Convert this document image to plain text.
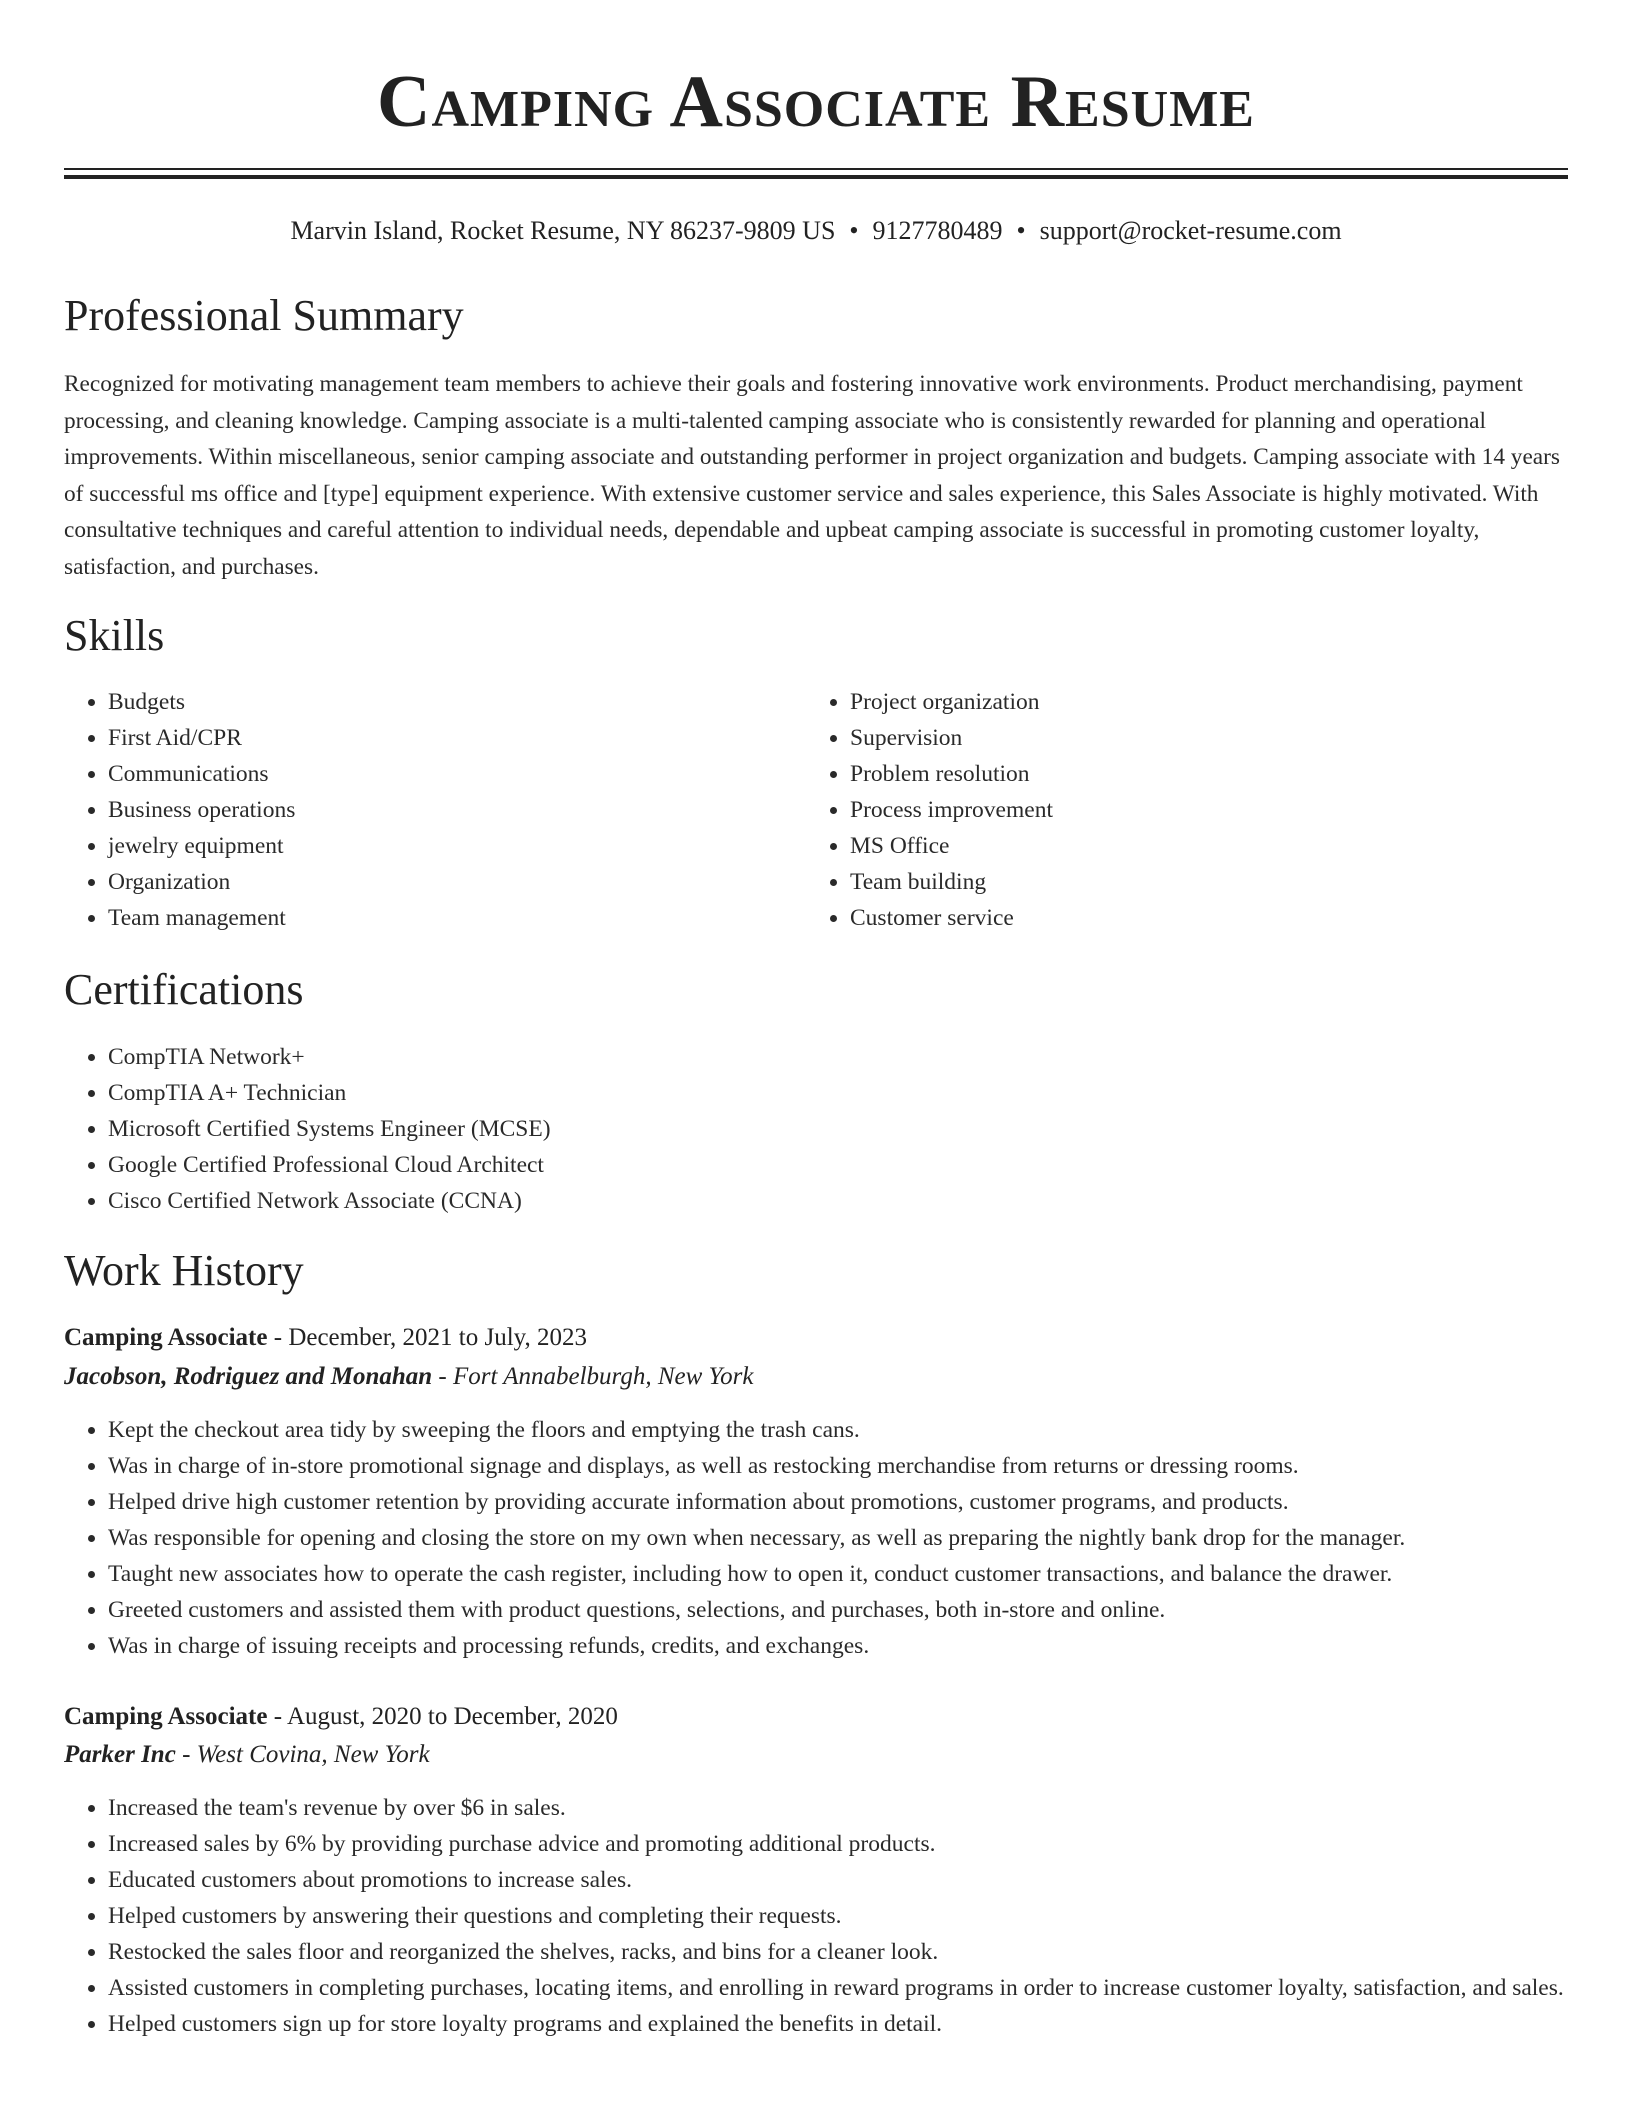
Camping Associate Resume
Marvin Island, Rocket Resume, NY 86237-9809 US • 9127780489 • support@rocket-resume.com
Professional Summary

Recognized for motivating management team members to achieve their goals and fostering innovative work environments. Product merchandising, payment processing, and cleaning knowledge. Camping associate is a multi-talented camping associate who is consistently rewarded for planning and operational improvements. Within miscellaneous, senior camping associate and outstanding performer in project organization and budgets. Camping associate with 14 years of successful ms office and [type] equipment experience. With extensive customer service and sales experience, this Sales Associate is highly motivated. With consultative techniques and careful attention to individual needs, dependable and upbeat camping associate is successful in promoting customer loyalty, satisfaction, and purchases.

Skills
• Budgets
• First Aid/CPR
• Communications
• Business operations
• jewelry equipment
• Organization
• Team management
• Project organization
• Supervision
• Problem resolution
• Process improvement
• MS Office
• Team building
• Customer service
Certifications
• CompTIA Network+
• CompTIA A+ Technician
• Microsoft Certified Systems Engineer (MCSE)
• Google Certified Professional Cloud Architect
• Cisco Certified Network Associate (CCNA)
Work History
Camping Associate - December, 2021 to July, 2023
Jacobson, Rodriguez and Monahan - Fort Annabelburgh, New York
• Kept the checkout area tidy by sweeping the floors and emptying the trash cans.
• Was in charge of in-store promotional signage and displays, as well as restocking merchandise from returns or dressing rooms.
• Helped drive high customer retention by providing accurate information about promotions, customer programs, and products.
• Was responsible for opening and closing the store on my own when necessary, as well as preparing the nightly bank drop for the manager.
• Taught new associates how to operate the cash register, including how to open it, conduct customer transactions, and balance the drawer.
• Greeted customers and assisted them with product questions, selections, and purchases, both in-store and online.
• Was in charge of issuing receipts and processing refunds, credits, and exchanges.
Camping Associate - August, 2020 to December, 2020
Parker Inc - West Covina, New York
• Increased the team's revenue by over $6 in sales.
• Increased sales by 6% by providing purchase advice and promoting additional products.
• Educated customers about promotions to increase sales.
• Helped customers by answering their questions and completing their requests.
• Restocked the sales floor and reorganized the shelves, racks, and bins for a cleaner look.
• Assisted customers in completing purchases, locating items, and enrolling in reward programs in order to increase customer loyalty, satisfaction, and sales.
• Helped customers sign up for store loyalty programs and explained the benefits in detail.
